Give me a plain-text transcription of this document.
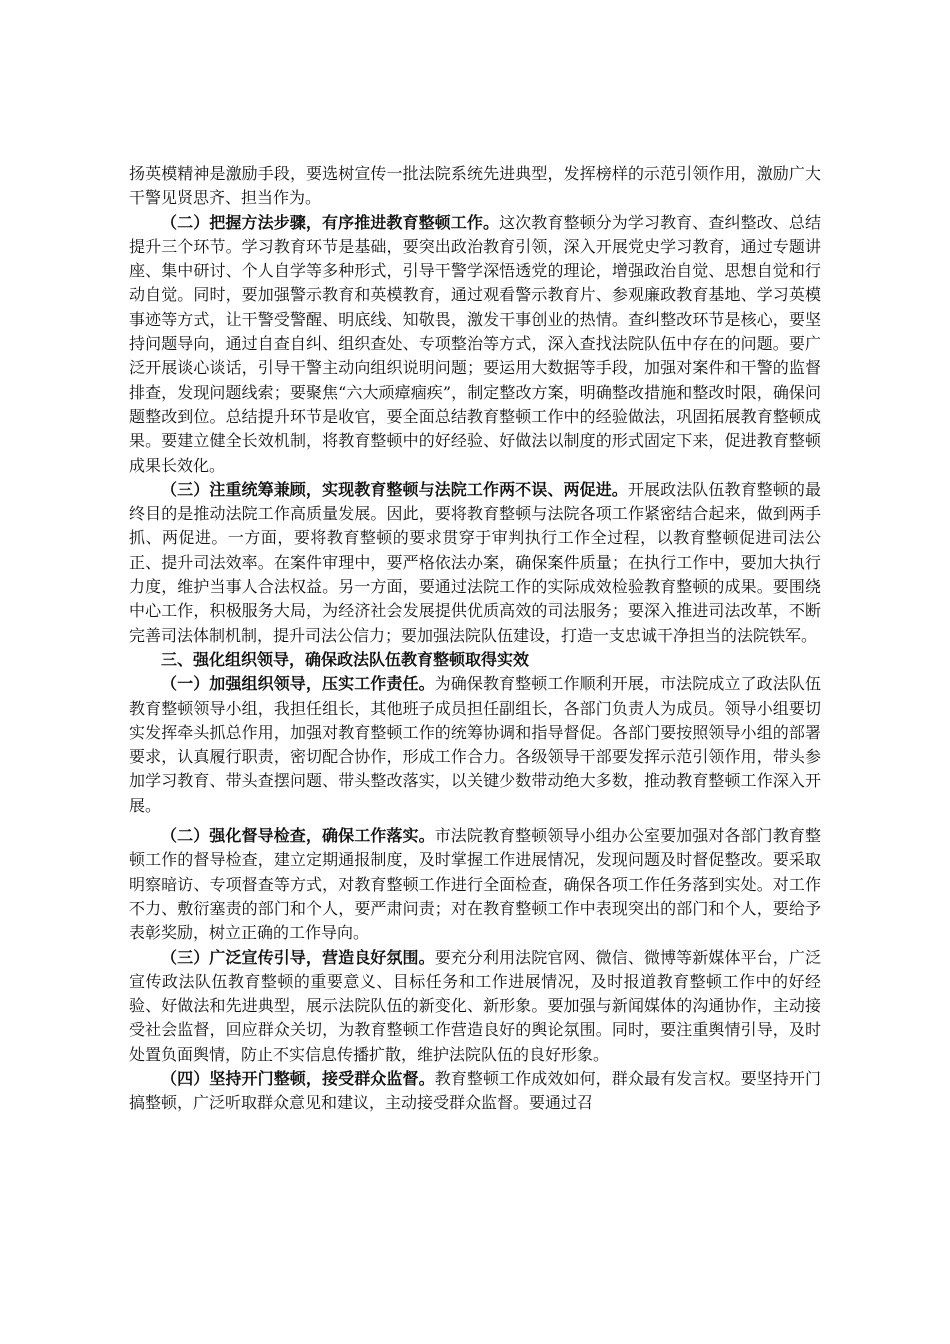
扬英模精神是激励手段，要选树宣传一批法院系统先进典型，发挥榜样的示范引领作用，激励广大干警见贤思齐、担当作为。

（二）把握方法步骤，有序推进教育整顿工作。这次教育整顿分为学习教育、查纠整改、总结提升三个环节。学习教育环节是基础，要突出政治教育引领，深入开展党史学习教育，通过专题讲座、集中研讨、个人自学等多种形式，引导干警学深悟透党的理论，增强政治自觉、思想自觉和行动自觉。同时，要加强警示教育和英模教育，通过观看警示教育片、参观廉政教育基地、学习英模事迹等方式，让干警受警醒、明底线、知敬畏，激发干事创业的热情。查纠整改环节是核心，要坚持问题导向，通过自查自纠、组织查处、专项整治等方式，深入查找法院队伍中存在的问题。要广泛开展谈心谈话，引导干警主动向组织说明问题；要运用大数据等手段，加强对案件和干警的监督排查，发现问题线索；要聚焦“六大顽瘴痼疾”，制定整改方案，明确整改措施和整改时限，确保问题整改到位。总结提升环节是收官，要全面总结教育整顿工作中的经验做法，巩固拓展教育整顿成果。要建立健全长效机制，将教育整顿中的好经验、好做法以制度的形式固定下来，促进教育整顿成果长效化。

（三）注重统筹兼顾，实现教育整顿与法院工作两不误、两促进。开展政法队伍教育整顿的最终目的是推动法院工作高质量发展。因此，要将教育整顿与法院各项工作紧密结合起来，做到两手抓、两促进。一方面，要将教育整顿的要求贯穿于审判执行工作全过程，以教育整顿促进司法公正、提升司法效率。在案件审理中，要严格依法办案，确保案件质量；在执行工作中，要加大执行力度，维护当事人合法权益。另一方面，要通过法院工作的实际成效检验教育整顿的成果。要围绕中心工作，积极服务大局，为经济社会发展提供优质高效的司法服务；要深入推进司法改革，不断完善司法体制机制，提升司法公信力；要加强法院队伍建设，打造一支忠诚干净担当的法院铁军。

三、强化组织领导，确保政法队伍教育整顿取得实效

（一）加强组织领导，压实工作责任。为确保教育整顿工作顺利开展，市法院成立了政法队伍教育整顿领导小组，我担任组长，其他班子成员担任副组长，各部门负责人为成员。领导小组要切实发挥牵头抓总作用，加强对教育整顿工作的统筹协调和指导督促。各部门要按照领导小组的部署要求，认真履行职责，密切配合协作，形成工作合力。各级领导干部要发挥示范引领作用，带头参加学习教育、带头查摆问题、带头整改落实，以关键少数带动绝大多数，推动教育整顿工作深入开展。

（二）强化督导检查，确保工作落实。市法院教育整顿领导小组办公室要加强对各部门教育整顿工作的督导检查，建立定期通报制度，及时掌握工作进展情况，发现问题及时督促整改。要采取明察暗访、专项督查等方式，对教育整顿工作进行全面检查，确保各项工作任务落到实处。对工作不力、敷衍塞责的部门和个人，要严肃问责；对在教育整顿工作中表现突出的部门和个人，要给予表彰奖励，树立正确的工作导向。

（三）广泛宣传引导，营造良好氛围。要充分利用法院官网、微信、微博等新媒体平台，广泛宣传政法队伍教育整顿的重要意义、目标任务和工作进展情况，及时报道教育整顿工作中的好经验、好做法和先进典型，展示法院队伍的新变化、新形象。要加强与新闻媒体的沟通协作，主动接受社会监督，回应群众关切，为教育整顿工作营造良好的舆论氛围。同时，要注重舆情引导，及时处置负面舆情，防止不实信息传播扩散，维护法院队伍的良好形象。

（四）坚持开门整顿，接受群众监督。教育整顿工作成效如何，群众最有发言权。要坚持开门搞整顿，广泛听取群众意见和建议，主动接受群众监督。要通过召
